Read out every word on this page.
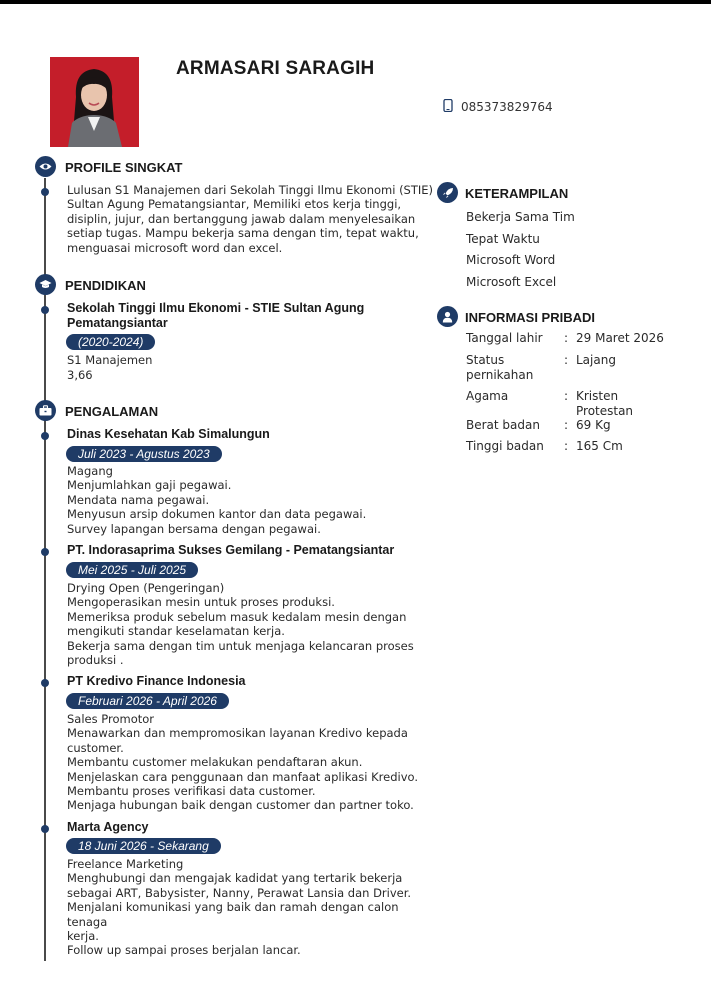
ARMASARI SARAGIH
085373829764
PROFILE SINGKAT
Lulusan S1 Manajemen dari Sekolah Tinggi Ilmu Ekonomi (STIE)
Sultan Agung Pematangsiantar, Memiliki etos kerja tinggi,
disiplin, jujur, dan bertanggung jawab dalam menyelesaikan
setiap tugas. Mampu bekerja sama dengan tim, tepat waktu,
menguasai microsoft word dan excel.
PENDIDIKAN
Sekolah Tinggi Ilmu Ekonomi - STIE Sultan Agung
Pematangsiantar
(2020-2024)
S1 Manajemen
3,66
PENGALAMAN
Dinas Kesehatan Kab Simalungun
Juli 2023 - Agustus 2023
Magang
Menjumlahkan gaji pegawai.
Mendata nama pegawai.
Menyusun arsip dokumen kantor dan data pegawai.
Survey lapangan bersama dengan pegawai.
PT. Indorasaprima Sukses Gemilang - Pematangsiantar
Mei 2025 - Juli 2025
Drying Open (Pengeringan)
Mengoperasikan mesin untuk proses produksi.
Memeriksa produk sebelum masuk kedalam mesin dengan
mengikuti standar keselamatan kerja.
Bekerja sama dengan tim untuk menjaga kelancaran proses
produksi .
PT Kredivo Finance Indonesia
Februari 2026 - April 2026
Sales Promotor
Menawarkan dan mempromosikan layanan Kredivo kepada
customer.
Membantu customer melakukan pendaftaran akun.
Menjelaskan cara penggunaan dan manfaat aplikasi Kredivo.
Membantu proses verifikasi data customer.
Menjaga hubungan baik dengan customer dan partner toko.
Marta Agency
18 Juni 2026 - Sekarang
Freelance Marketing
Menghubungi dan mengajak kadidat yang tertarik bekerja
sebagai ART, Babysister, Nanny, Perawat Lansia dan Driver.
Menjalani komunikasi yang baik dan ramah dengan calon tenaga
kerja.
Follow up sampai proses berjalan lancar.
KETERAMPILAN
Bekerja Sama Tim
Tepat Waktu
Microsoft Word
Microsoft Excel
INFORMASI PRIBADI
Tanggal lahir	: 29 Maret 2026
Status pernikahan
: Lajang
Agama	: Kristen Protestan
Berat badan	: 69 Kg
Tinggi badan	: 165 Cm
